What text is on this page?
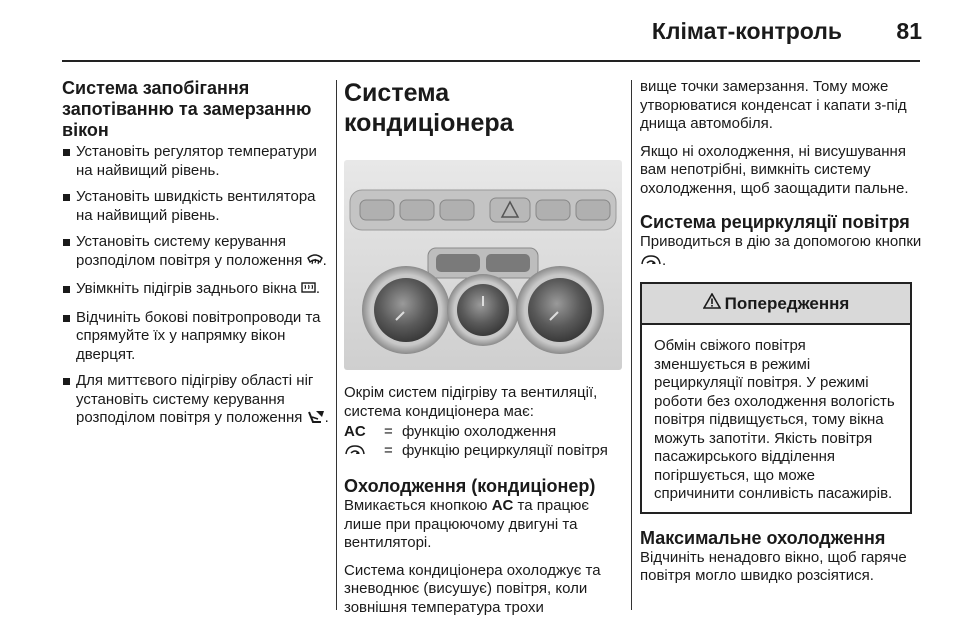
Клімат-контроль 81
Система запобігання запотіванню та замерзанню вікон
Установіть регулятор температури на найвищий рівень.
Установіть швидкість вентилятора на найвищий рівень.
Установіть систему керування розподілом повітря у положення .
Увімкніть підігрів заднього вікна .
Відчиніть бокові повітропроводи та спрямуйте їх у напрямку вікон дверцят.
Для миттєвого підігріву області ніг установіть систему керування розподілом повітря у положення .
Система кондиціонера

Окрім систем підігріву та вентиляції, система кондиціонера має:

AC	= функцію охолодження
= функцію рециркуляції повітря
Охолодження (кондиціонер)

Вмикається кнопкою AC та працює лише при працюючому двигуні та вентиляторі.

Система кондиціонера охолоджує та зневоднює (висушує) повітря, коли зовнішня температура трохи

вище точки замерзання. Тому може утворюватися конденсат і капати з-під днища автомобіля.

Якщо ні охолодження, ні висушування вам непотрібні, вимкніть систему охолодження, щоб заощадити пальне.

Система рециркуляції повітря

Приводиться в дію за допомогою кнопки .

Попередження

Обмін свіжого повітря зменшується в режимі рециркуляції повітря. У режимі роботи без охолодження вологість повітря підвищується, тому вікна можуть запотіти. Якість повітря пасажирського відділення погіршується, що може спричинити сонливість пасажирів.

Максимальне охолодження

Відчиніть ненадовго вікно, щоб гаряче повітря могло швидко розсіятися.
